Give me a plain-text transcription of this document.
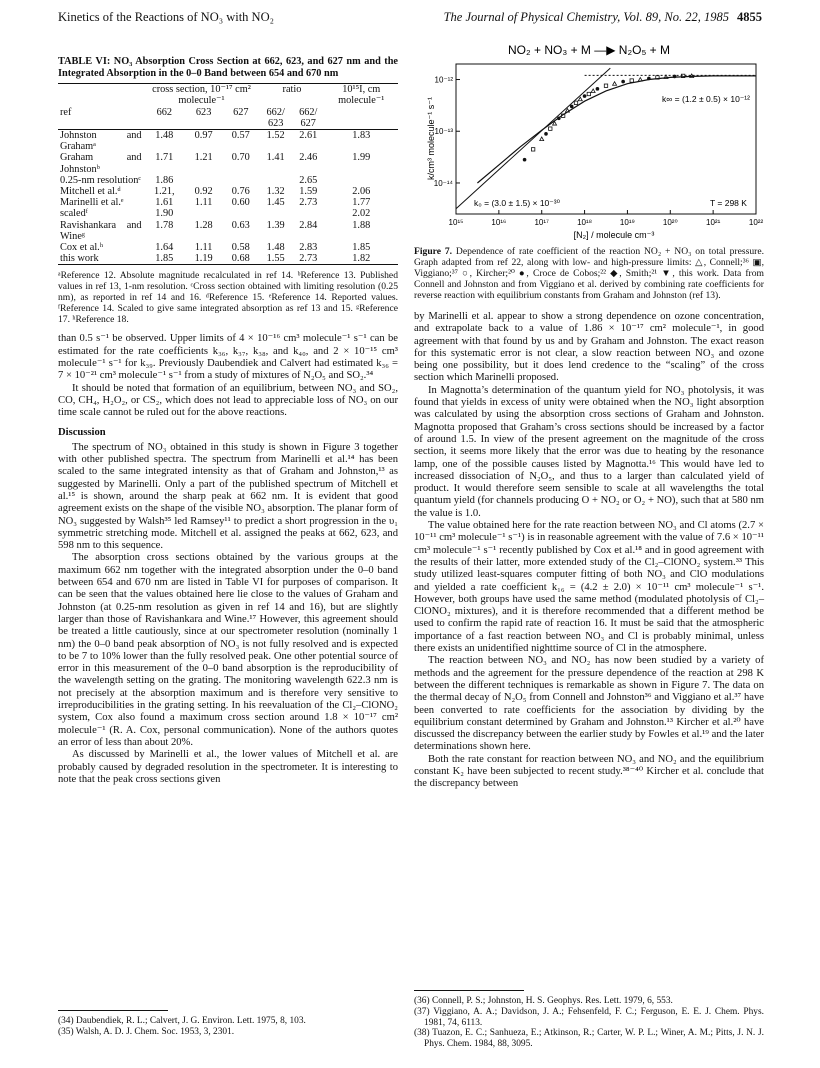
Kinetics of the Reactions of NO₃ with NO₂	The Journal of Physical Chemistry, Vol. 89, No. 22, 1985 4855
TABLE VI: NO₃ Absorption Cross Section at 662, 623, and 627 nm and the Integrated Absorption in the 0–0 Band between 654 and 670 nm
	cross section, 10⁻¹⁷ cm² molecule⁻¹			ratio		10¹⁵I, cm molecule⁻¹
ref	662	623	627	662/ 623	662/ 627	
Johnston and Grahamᵃ	1.48	0.97	0.57	1.52	2.61	1.83
Graham and Johnstonᵇ	1.71	1.21	0.70	1.41	2.46	1.99
0.25-nm resolutionᶜ	1.86				2.65	
Mitchell et al.ᵈ	1.21,	0.92	0.76	1.32	1.59	2.06
Marinelli et al.ᵉ	1.61	1.11	0.60	1.45	2.73	1.77
scaledᶠ	1.90					2.02
Ravishankara and Wineᵍ	1.78	1.28	0.63	1.39	2.84	1.88
Cox et al.ʰ	1.64	1.11	0.58	1.48	2.83	1.85
this work	1.85	1.19	0.68	1.55	2.73	1.82
ᵃReference 12. Absolute magnitude recalculated in ref 14. ᵇReference 13. Published values in ref 13, 1-nm resolution. ᶜCross section obtained with limiting resolution (0.25 nm), as reported in ref 14 and 16. ᵈReference 15. ᵉReference 14. Reported values. ᶠReference 14. Scaled to give same integrated absorption as ref 13 and 15. ᵍReference 17. ʰReference 18.

than 0.5 s⁻¹ be observed. Upper limits of 4 × 10⁻¹⁶ cm³ molecule⁻¹ s⁻¹ can be estimated for the rate coefficients k₃₆, k₃₇, k₃₈, and k₄₀, and 2 × 10⁻¹⁵ cm³ molecule⁻¹ s⁻¹ for k₃₉. Previously Daubendiek and Calvert had estimated k₃₆ = 7 × 10⁻²¹ cm³ molecule⁻¹ s⁻¹ from a study of mixtures of N₂O₅ and SO₂.³⁴

It should be noted that formation of an equilibrium, between NO₃ and SO₂, CO, CH₄, H₂O₂, or CS₂, which does not lead to appreciable loss of NO₃ on our time scale cannot be ruled out for the above reactions.

Discussion

The spectrum of NO₃ obtained in this study is shown in Figure 3 together with other published spectra. The spectrum from Marinelli et al.¹⁴ has been scaled to the same integrated intensity as that of Graham and Johnston,¹³ as suggested by Marinelli. Only a part of the published spectrum of Mitchell et al.¹⁵ is shown, around the sharp peak at 662 nm. It is evident that good agreement exists on the shape of the visible NO₃ absorption. The planar form of NO₃ suggested by Walsh³⁵ led Ramsey¹¹ to predict a short progression in the υ₁ symmetric stretching mode. Mitchell et al. assigned the peaks at 662, 623, and 598 nm to this sequence.

The absorption cross sections obtained by the various groups at the maximum 662 nm together with the integrated absorption under the 0–0 band between 654 and 670 nm are listed in Table VI for purposes of comparison. It can be seen that the values obtained here lie close to the values of Graham and Johnston (at 0.25-nm resolution as given in ref 14 and 16), but are slightly larger than those of Ravishankara and Wine.¹⁷ However, this agreement should be treated a little cautiously, since at our spectrometer resolution (nominally 1 nm) the 0–0 band peak absorption of NO₃ is not fully resolved and is expected to be 7 to 10% lower than the fully resolved peak. One other potential source of error in this measurement of the 0–0 band absorption is the reproducibility of the wavelength setting on the grating. The monitoring wavelength 622.3 nm is not precisely at the absorption maximum and is therefore very sensitive to irreproducibilities in the grating setting. In his reevaluation of the Cl₂–ClONO₂ system, Cox also found a maximum cross section around 1.8 × 10⁻¹⁷ cm² molecule⁻¹ (R. A. Cox, personal communication). None of the authors quotes an error of less than about 20%.

As discussed by Marinelli et al., the lower values of Mitchell et al. are probably caused by degraded resolution in the spectrometer. It is interesting to note that the peak cross sections given

(34) Daubendiek, R. L.; Calvert, J. G. Environ. Lett. 1975, 8, 103.
(35) Walsh, A. D. J. Chem. Soc. 1953, 3, 2301.
NO₂ + NO₃ + M —▶ N₂O₅ + M
k/cm³ molecule⁻¹ s⁻¹
[N₂] / molecule cm⁻³
k∞ = (1.2 ± 0.5) × 10⁻¹²
k₀ = (3.0 ± 1.5) × 10⁻³⁰	T = 298 K
10¹⁵	10¹⁶	10¹⁷	10¹⁸	10¹⁹	10²⁰	10²¹	10²²
10⁻¹²
10⁻¹³
10⁻¹⁴
Figure 7. Dependence of rate coefficient of the reaction NO₂ + NO₃ on total pressure. Graph adapted from ref 22, along with low- and high-pressure limits: △, Connell;³⁶ ▣, Viggiano;³⁷ ○, Kircher;²⁰ ●, Croce de Cobos;²² ◆, Smith;²¹ ▼, this work. Data from Connell and Johnston and from Viggiano et al. derived by combining rate coefficients for reverse reaction with equilibrium constants from Graham and Johnston (ref 13).

by Marinelli et al. appear to show a strong dependence on ozone concentration, and extrapolate back to a value of 1.86 × 10⁻¹⁷ cm² molecule⁻¹, in good agreement with that found by us and by Graham and Johnston. The exact reason for this systematic error is not clear, a slow reaction between NO₃ and ozone being one possibility, but it does lend credence to the “scaling” of the cross section which Marinelli proposed.

In Magnotta’s determination of the quantum yield for NO₃ photolysis, it was found that yields in excess of unity were obtained when the NO₃ light absorption was calculated by using the absorption cross sections of Graham and Johnston. Magnotta proposed that Graham’s cross sections should be increased by a factor of around 1.5. In view of the present agreement on the magnitude of the cross section, it seems more likely that the error was due to heating by the resonance lamp, one of the possible causes listed by Magnotta.¹⁶ This would have led to increased dissociation of N₂O₅, and thus to a larger than calculated yield of product. It would therefore seem sensible to scale at all wavelengths the total quantum yield (for channels producing O + NO₂ or O₂ + NO), such that at 580 nm the value is 1.0.

The value obtained here for the rate reaction between NO₃ and Cl atoms (2.7 × 10⁻¹¹ cm³ molecule⁻¹ s⁻¹) is in reasonable agreement with the value of 7.6 × 10⁻¹¹ cm³ molecule⁻¹ s⁻¹ recently published by Cox et al.¹⁸ and in good agreement with the results of their latter, more extended study of the Cl₂–ClONO₂ system.³³ This study utilized least-squares computer fitting of both NO₃ and ClO modulations and yielded a rate coefficient k₁₆ = (4.2 ± 2.0) × 10⁻¹¹ cm³ molecule⁻¹ s⁻¹. However, both groups have used the same method (modulated photolysis of Cl₂–ClONO₂ mixtures), and it is therefore recommended that a different method be used to confirm the rapid rate of reaction 16. It must be said that the atmospheric importance of a fast reaction between NO₃ and Cl is probably minimal, unless there exists an unidentified nighttime source of Cl in the atmosphere.

The reaction between NO₃ and NO₂ has now been studied by a variety of methods and the agreement for the pressure dependence of the reaction at 298 K between the different techniques is remarkable as shown in Figure 7. The data on the thermal decay of N₂O₅ from Connell and Johnston³⁶ and Viggiano et al.³⁷ have been converted to rate coefficients for the association by dividing by the equilibrium constant determined by Graham and Johnston.¹³ Kircher et al.²⁰ have discussed the discrepancy between the earlier study by Fowles et al.¹⁹ and the later determinations shown here.

Both the rate constant for reaction between NO₃ and NO₂ and the equilibrium constant K₂ have been subjected to recent study.³⁸⁻⁴⁰ Kircher et al. conclude that the discrepancy between

(36) Connell, P. S.; Johnston, H. S. Geophys. Res. Lett. 1979, 6, 553.
(37) Viggiano, A. A.; Davidson, J. A.; Fehsenfeld, F. C.; Ferguson, E. E. J. Chem. Phys. 1981, 74, 6113.
(38) Tuazon, E. C.; Sanhueza, E.; Atkinson, R.; Carter, W. P. L.; Winer, A. M.; Pitts, J. N. J. Phys. Chem. 1984, 88, 3095.
